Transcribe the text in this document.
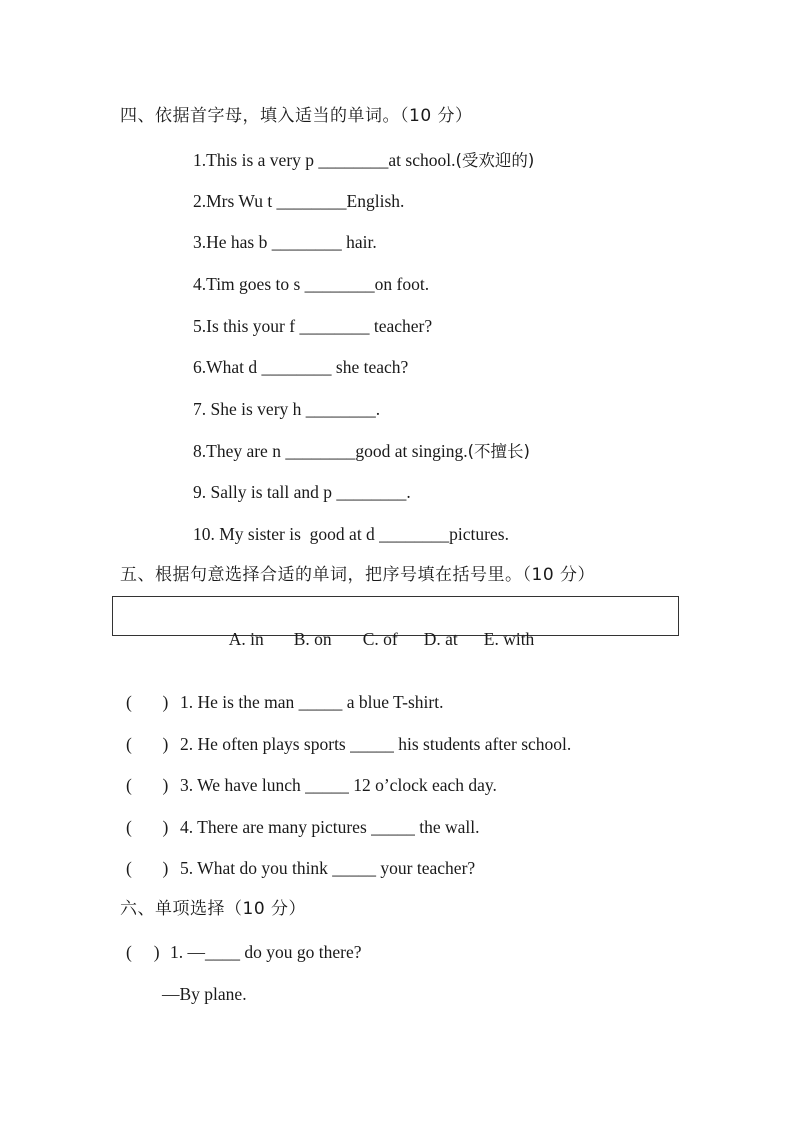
四、依据首字母，填入适当的单词。（10 分）
1.This is a very p ________at school.(受欢迎的)
2.Mrs Wu t ________English.
3.He has b ________ hair.
4.Tim goes to s ________on foot.
5.Is this your f ________ teacher?
6.What d ________ she teach?
7. She is very h ________.
8.They are n ________good at singing.(不擅长)
9. Sally is tall and p ________.
10. My sister is  good at d ________pictures.
五、根据句意选择合适的单词，把序号填在括号里。（10 分）

A. in B. on C. of D. at E. with

(       ) 1. He is the man _____ a blue T-shirt.
(       ) 2. He often plays sports _____ his students after school.
(       ) 3. We have lunch _____ 12 o’clock each day.
(       ) 4. There are many pictures _____ the wall.
(       ) 5. What do you think _____ your teacher?
六、单项选择（10 分）
(     ) 1. —____ do you go there?
—By plane.
